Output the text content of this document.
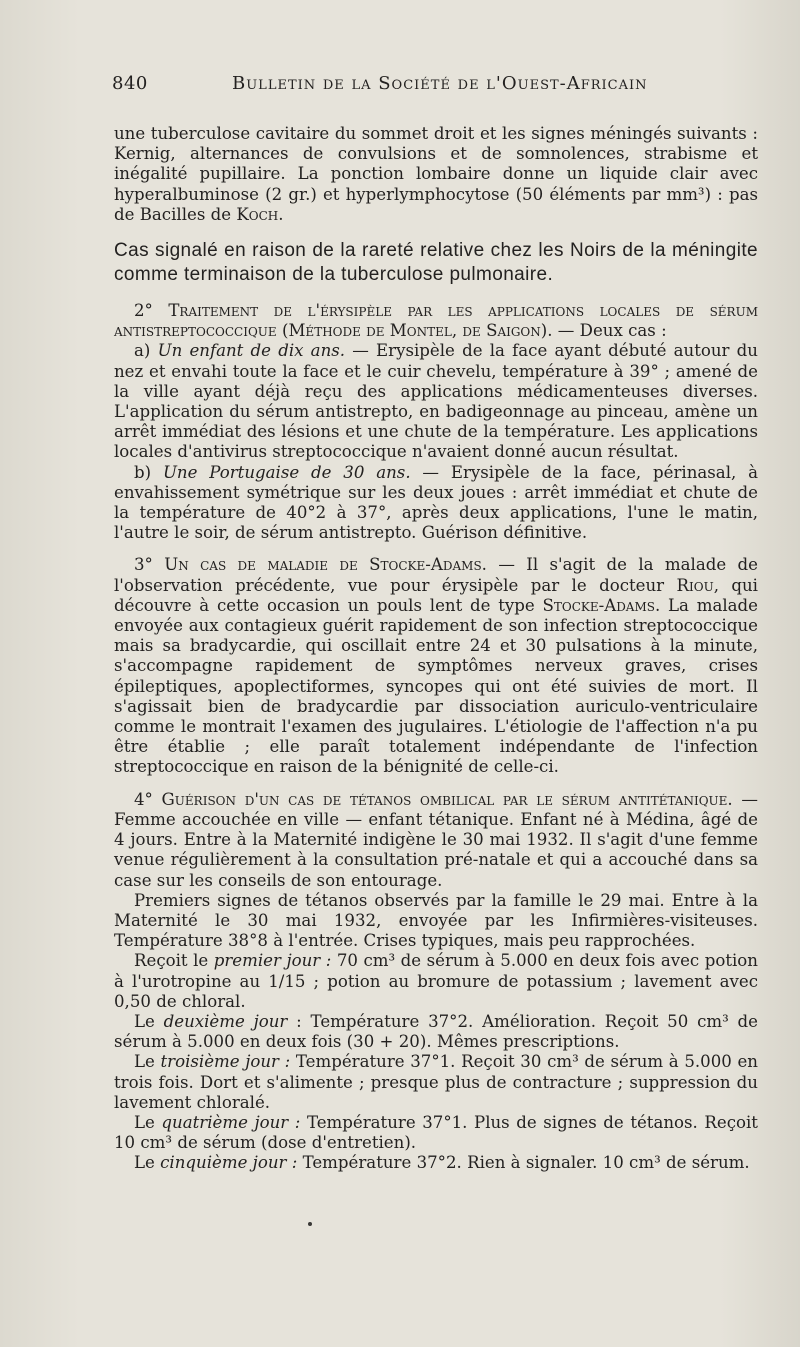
840	Bulletin de la Société de l'Ouest-Africain

une tuberculose cavitaire du sommet droit et les signes méningés suivants : Kernig, alternances de convulsions et de somnolences, strabisme et inégalité pupillaire. La ponction lombaire donne un liquide clair avec hyperalbuminose (2 gr.) et hyperlymphocytose (50 éléments par mm³) : pas de Bacilles de Koch.

Cas signalé en raison de la rareté relative chez les Noirs de la méningite comme terminaison de la tuberculose pulmonaire.

2° Traitement de l'érysipèle par les applications locales de sérum antistreptococcique (Méthode de Montel, de Saigon). — Deux cas :

a) Un enfant de dix ans. — Erysipèle de la face ayant débuté autour du nez et envahi toute la face et le cuir chevelu, température à 39° ; amené de la ville ayant déjà reçu des applications médicamenteuses diverses. L'application du sérum antistrepto, en badigeonnage au pinceau, amène un arrêt immédiat des lésions et une chute de la température. Les applications locales d'antivirus streptococcique n'avaient donné aucun résultat.

b) Une Portugaise de 30 ans. — Erysipèle de la face, périnasal, à envahissement symétrique sur les deux joues : arrêt immédiat et chute de la température de 40°2 à 37°, après deux applications, l'une le matin, l'autre le soir, de sérum antistrepto. Guérison définitive.

3° Un cas de maladie de Stocke-Adams. — Il s'agit de la malade de l'observation précédente, vue pour érysipèle par le docteur Riou, qui découvre à cette occasion un pouls lent de type Stocke-Adams. La malade envoyée aux contagieux guérit rapidement de son infection streptococcique mais sa bradycardie, qui oscillait entre 24 et 30 pulsations à la minute, s'accompagne rapidement de symptômes nerveux graves, crises épileptiques, apoplectiformes, syncopes qui ont été suivies de mort. Il s'agissait bien de bradycardie par dissociation auriculo-ventriculaire comme le montrait l'examen des jugulaires. L'étiologie de l'affection n'a pu être établie ; elle paraît totalement indépendante de l'infection streptococcique en raison de la bénignité de celle-ci.

4° Guérison d'un cas de tétanos ombilical par le sérum antitétanique. — Femme accouchée en ville — enfant tétanique. Enfant né à Médina, âgé de 4 jours. Entre à la Maternité indigène le 30 mai 1932. Il s'agit d'une femme venue régulièrement à la consultation pré-natale et qui a accouché dans sa case sur les conseils de son entourage.

Premiers signes de tétanos observés par la famille le 29 mai. Entre à la Maternité le 30 mai 1932, envoyée par les Infirmières-visiteuses. Température 38°8 à l'entrée. Crises typiques, mais peu rapprochées.

Reçoit le premier jour : 70 cm³ de sérum à 5.000 en deux fois avec potion à l'urotropine au 1/15 ; potion au bromure de potassium ; lavement avec 0,50 de chloral.

Le deuxième jour : Température 37°2. Amélioration. Reçoit 50 cm³ de sérum à 5.000 en deux fois (30 + 20). Mêmes prescriptions.

Le troisième jour : Température 37°1. Reçoit 30 cm³ de sérum à 5.000 en trois fois. Dort et s'alimente ; presque plus de contracture ; suppression du lavement chloralé.

Le quatrième jour : Température 37°1. Plus de signes de tétanos. Reçoit 10 cm³ de sérum (dose d'entretien).

Le cinquième jour : Température 37°2. Rien à signaler. 10 cm³ de sérum.
